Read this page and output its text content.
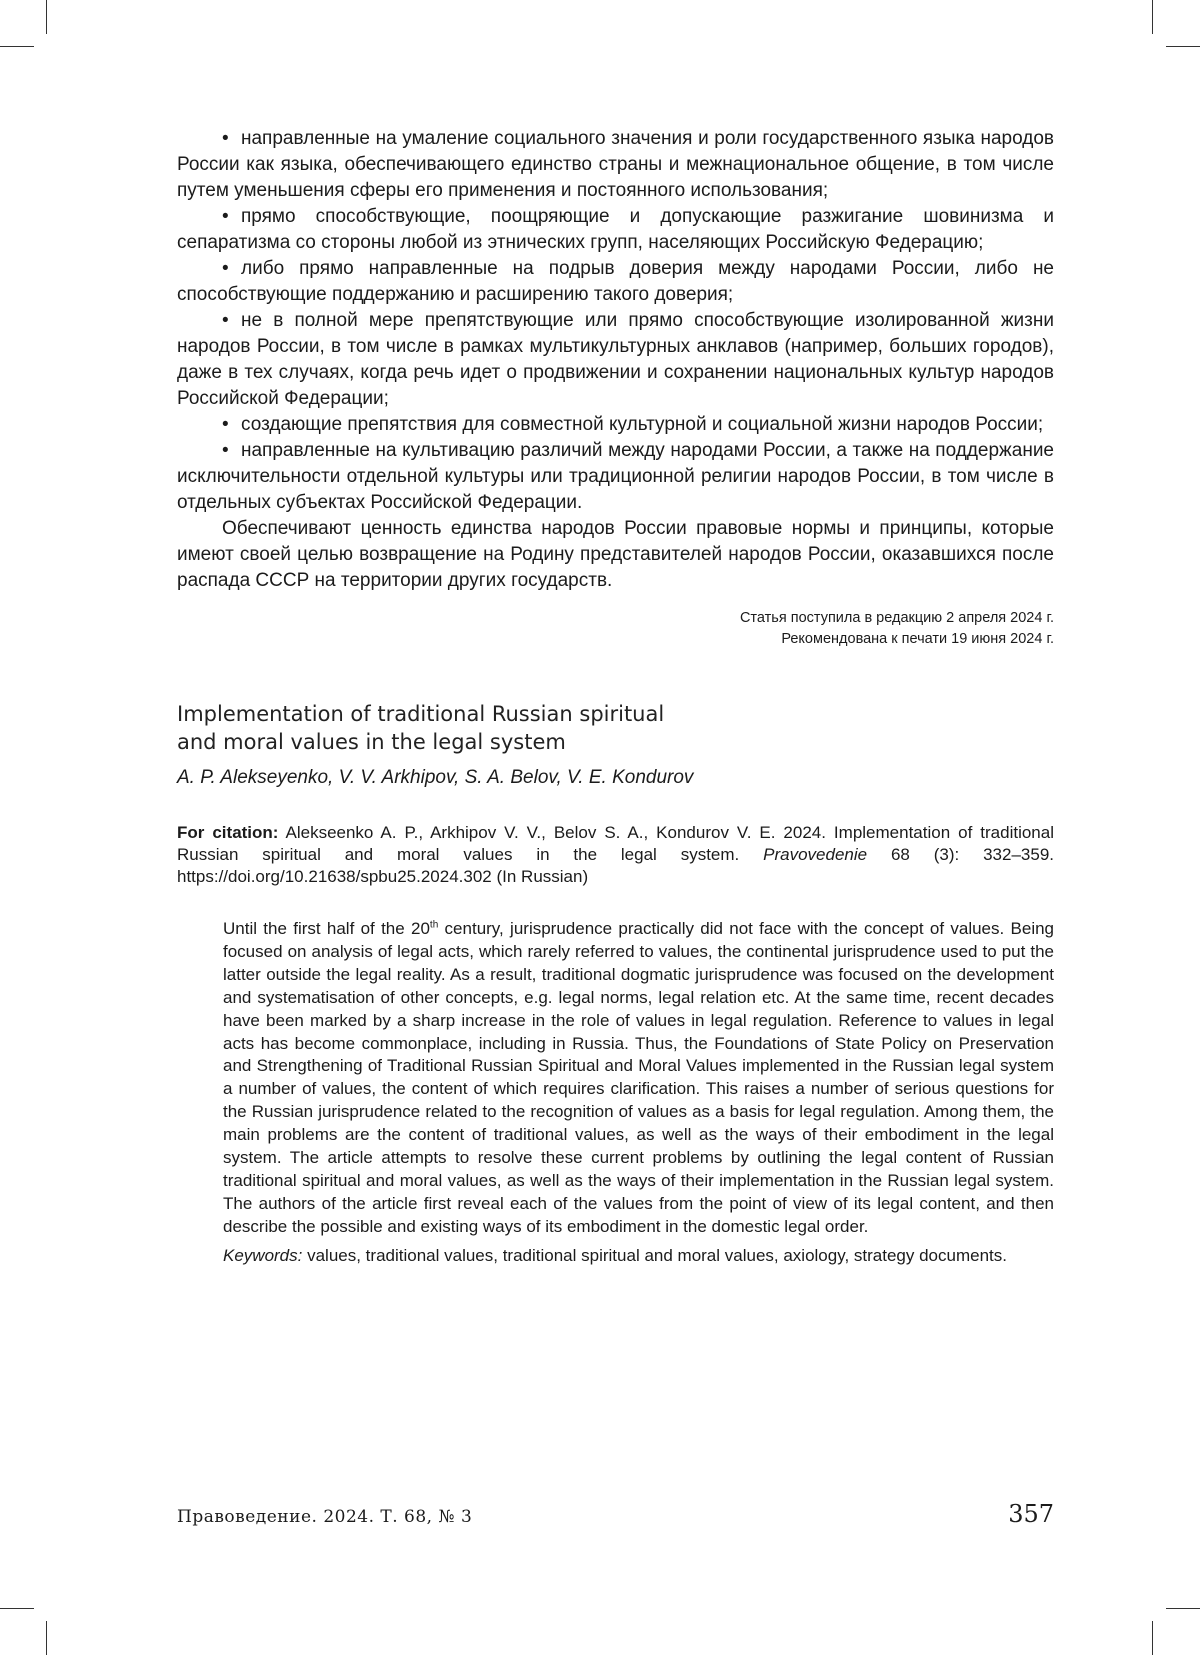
• направленные на умаление социального значения и роли государственного языка народов России как языка, обеспечивающего единство страны и межнациональное общение, в том числе путем уменьшения сферы его применения и постоянного использования;

• прямо способствующие, поощряющие и допускающие разжигание шовинизма и сепаратизма со стороны любой из этнических групп, населяющих Российскую Федерацию;

• либо прямо направленные на подрыв доверия между народами России, либо не способствующие поддержанию и расширению такого доверия;

• не в полной мере препятствующие или прямо способствующие изолированной жизни народов России, в том числе в рамках мультикультурных анклавов (например, больших городов), даже в тех случаях, когда речь идет о продвижении и сохранении национальных культур народов Российской Федерации;

• создающие препятствия для совместной культурной и социальной жизни народов России;

• направленные на культивацию различий между народами России, а также на поддержание исключительности отдельной культуры или традиционной религии народов России, в том числе в отдельных субъектах Российской Федерации.

Обеспечивают ценность единства народов России правовые нормы и принципы, которые имеют своей целью возвращение на Родину представителей народов России, оказавшихся после распада СССР на территории других государств.

Статья поступила в редакцию 2 апреля 2024 г.
Рекомендована к печати 19 июня 2024 г.
Implementation of traditional Russian spiritual
and moral values in the legal system
A. P. Alekseyenko, V. V. Arkhipov, S. A. Belov, V. E. Kondurov
For citation: Alekseenko A. P., Arkhipov V. V., Belov S. A., Kondurov V. E. 2024. Implementation of traditional Russian spiritual and moral values in the legal system. Pravovedenie 68 (3): 332–359. https://doi.org/10.21638/spbu25.2024.302 (In Russian)

Until the first half of the 20th century, jurisprudence practically did not face with the concept of values. Being focused on analysis of legal acts, which rarely referred to values, the continental jurisprudence used to put the latter outside the legal reality. As a result, traditional dogmatic jurisprudence was focused on the development and systematisation of other concepts, e.g. legal norms, legal relation etc. At the same time, recent decades have been marked by a sharp increase in the role of values in legal regulation. Reference to values in legal acts has become commonplace, including in Russia. Thus, the Foundations of State Policy on Preservation and Strengthening of Traditional Russian Spiritual and Moral Values implemented in the Russian legal system a number of values, the content of which requires clarification. This raises a number of serious questions for the Russian jurisprudence related to the recognition of values as a basis for legal regulation. Among them, the main problems are the content of traditional values, as well as the ways of their embodiment in the legal system. The article attempts to resolve these current problems by outlining the legal content of Russian traditional spiritual and moral values, as well as the ways of their implementation in the Russian legal system. The authors of the article first reveal each of the values from the point of view of its legal content, and then describe the possible and existing ways of its embodiment in the domestic legal order.

Keywords: values, traditional values, traditional spiritual and moral values, axiology, strategy documents.

Правоведение. 2024. Т. 68, № 3	357
